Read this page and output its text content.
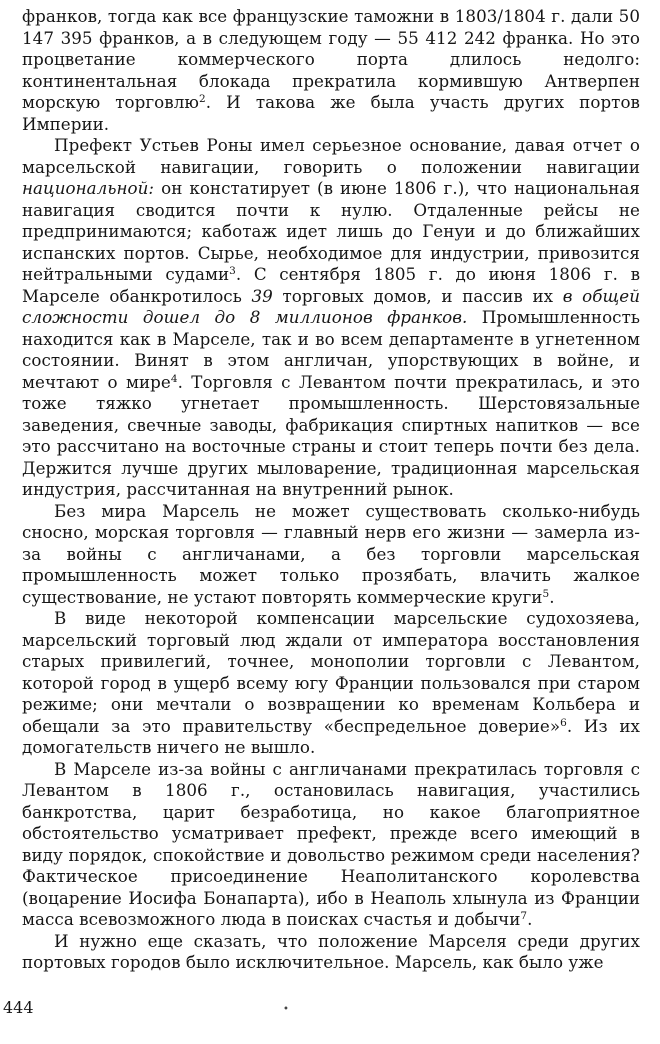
франков, тогда как все французские таможни в 1803/1804 г. дали 50 147 395 франков, а в следующем году — 55 412 242 франка. Но это процветание коммерческого порта длилось недолго: континентальная блокада прекратила кормившую Антверпен морскую торговлю$^2$. И такова же была участь других портов Империи.

Префект Устьев Роны имел серьезное основание, давая отчет о марсельской навигации, говорить о положении навигации национальной: он констатирует (в июне 1806 г.), что национальная навигация сводится почти к нулю. Отдаленные рейсы не предпринимаются; каботаж идет лишь до Генуи и до ближайших испанских портов. Сырье, необходимое для индустрии, привозится нейтральными судами$^3$. С сентября 1805 г. до июня 1806 г. в Марселе обанкротилось 39 торговых домов, и пассив их в общей сложности дошел до 8 миллионов франков. Промышленность находится как в Марселе, так и во всем департаменте в угнетенном состоянии. Винят в этом англичан, упорствующих в войне, и мечтают о мире$^4$. Торговля с Левантом почти прекратилась, и это тоже тяжко угнетает промышленность. Шерстовязальные заведения, свечные заводы, фабрикация спиртных напитков — все это рассчитано на восточные страны и стоит теперь почти без дела. Держится лучше других мыловарение, традиционная марсельская индустрия, рассчитанная на внутренний рынок.

Без мира Марсель не может существовать сколько-нибудь сносно, морская торговля — главный нерв его жизни — замерла из-за войны с англичанами, а без торговли марсельская промышленность может только прозябать, влачить жалкое существование, не устают повторять коммерческие круги$^5$.

В виде некоторой компенсации марсельские судохозяева, марсельский торговый люд ждали от императора восстановления старых привилегий, точнее, монополии торговли с Левантом, которой город в ущерб всему югу Франции пользовался при старом режиме; они мечтали о возвращении ко временам Кольбера и обещали за это правительству «беспредельное доверие»$^6$. Из их домогательств ничего не вышло.

В Марселе из-за войны с англичанами прекратилась торговля с Левантом в 1806 г., остановилась навигация, участились банкротства, царит безработица, но какое благоприятное обстоятельство усматривает префект, прежде всего имеющий в виду порядок, спокойствие и довольство режимом среди населения? Фактическое присоединение Неаполитанского королевства (воцарение Иосифа Бонапарта), ибо в Неаполь хлынула из Франции масса всевозможного люда в поисках счастья и добычи$^7$.

И нужно еще сказать, что положение Марселя среди других портовых городов было исключительное. Марсель, как было уже

444	•
